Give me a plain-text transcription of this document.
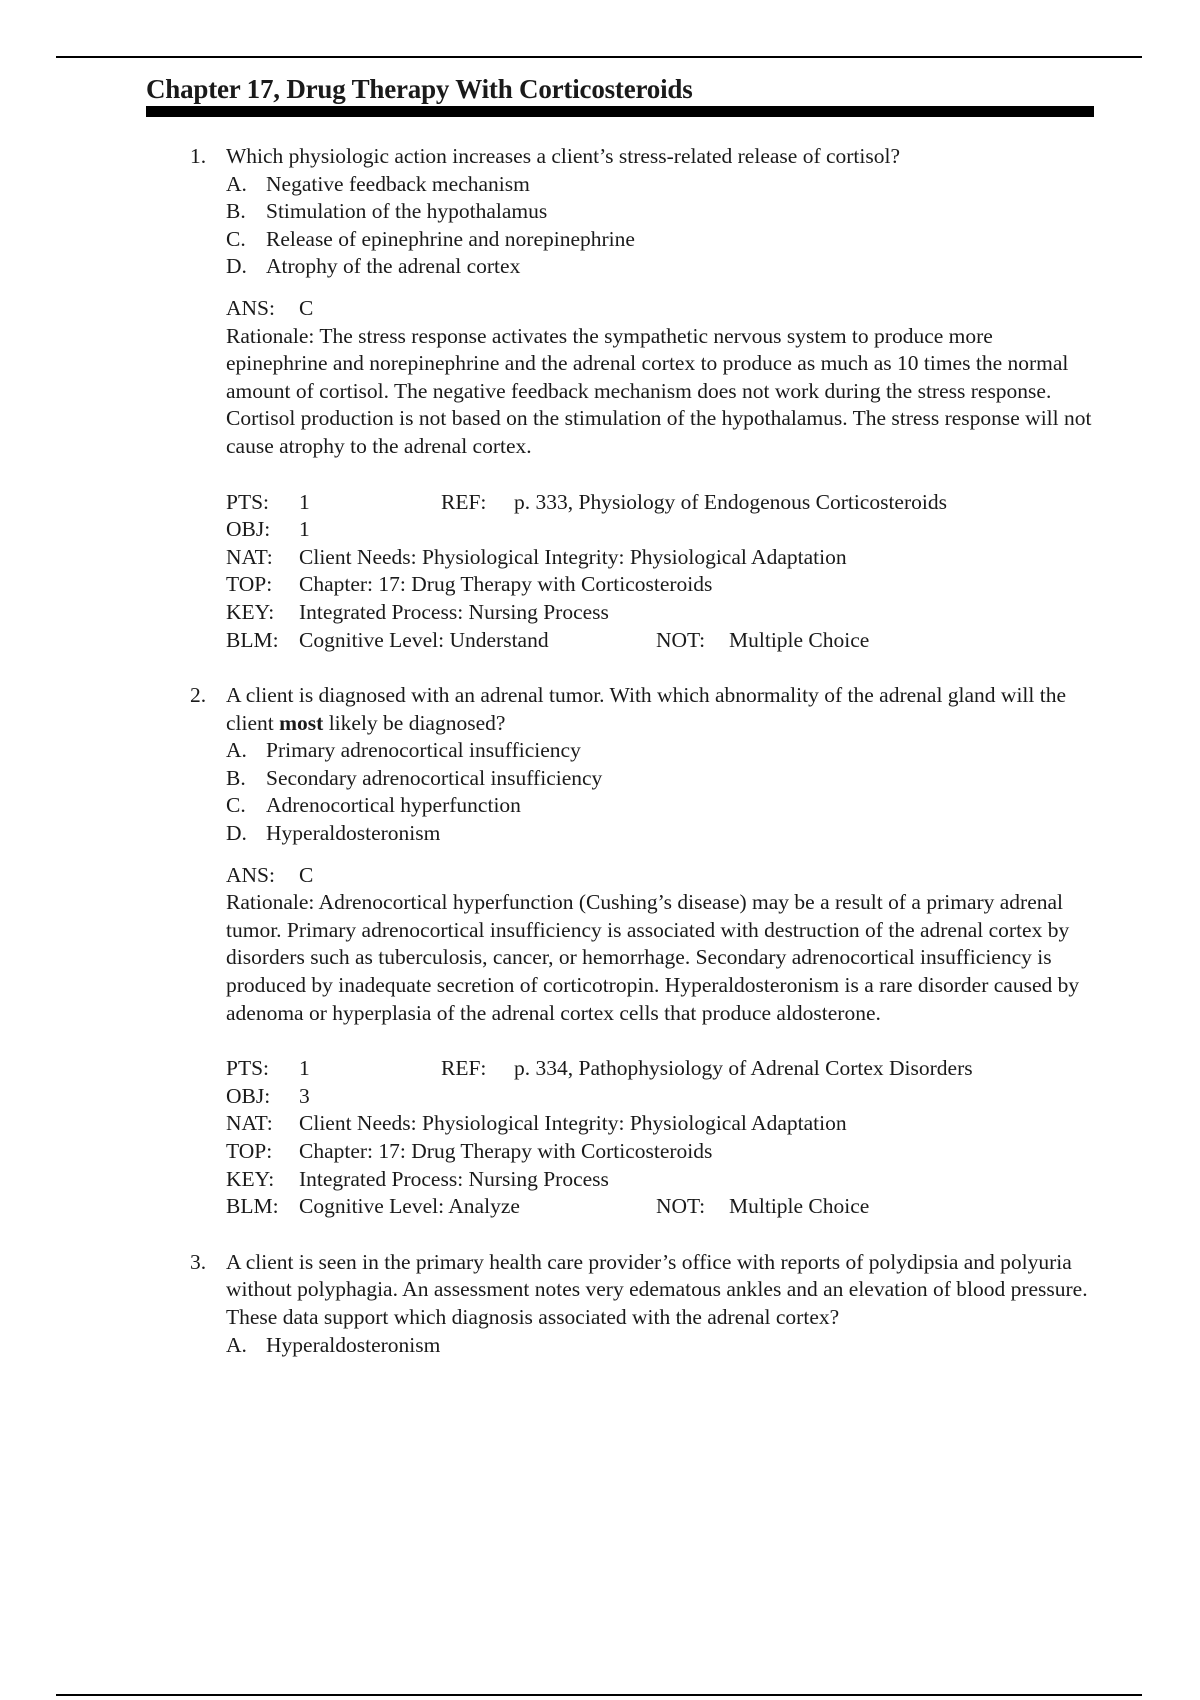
Chapter 17, Drug Therapy With Corticosteroids
1. Which physiologic action increases a client’s stress-related release of cortisol?

A. Negative feedback mechanism
B. Stimulation of the hypothalamus
C. Release of epinephrine and norepinephrine
D. Atrophy of the adrenal cortex

ANS: C

Rationale: The stress response activates the sympathetic nervous system to produce more epinephrine and norepinephrine and the adrenal cortex to produce as much as 10 times the normal amount of cortisol. The negative feedback mechanism does not work during the stress response. Cortisol production is not based on the stimulation of the hypothalamus. The stress response will not cause atrophy to the adrenal cortex.

PTS:	1	REF:	p. 333, Physiology of Endogenous Corticosteroids
OBJ:	1
NAT:	Client Needs: Physiological Integrity: Physiological Adaptation
TOP:	Chapter: 17: Drug Therapy with Corticosteroids
KEY:	Integrated Process: Nursing Process
BLM: Cognitive Level: Understand	NOT:	Multiple Choice
2. A client is diagnosed with an adrenal tumor. With which abnormality of the adrenal gland will the client most likely be diagnosed?

A. Primary adrenocortical insufficiency
B. Secondary adrenocortical insufficiency
C. Adrenocortical hyperfunction
D. Hyperaldosteronism

ANS: C

Rationale: Adrenocortical hyperfunction (Cushing’s disease) may be a result of a primary adrenal tumor. Primary adrenocortical insufficiency is associated with destruction of the adrenal cortex by disorders such as tuberculosis, cancer, or hemorrhage. Secondary adrenocortical insufficiency is produced by inadequate secretion of corticotropin. Hyperaldosteronism is a rare disorder caused by adenoma or hyperplasia of the adrenal cortex cells that produce aldosterone.

PTS:	1	REF:	p. 334, Pathophysiology of Adrenal Cortex Disorders
OBJ:	3
NAT:	Client Needs: Physiological Integrity: Physiological Adaptation
TOP:	Chapter: 17: Drug Therapy with Corticosteroids
KEY:	Integrated Process: Nursing Process
BLM: Cognitive Level: Analyze	NOT:	Multiple Choice
3. A client is seen in the primary health care provider’s office with reports of polydipsia and polyuria without polyphagia. An assessment notes very edematous ankles and an elevation of blood pressure. These data support which diagnosis associated with the adrenal cortex?

A. Hyperaldosteronism
